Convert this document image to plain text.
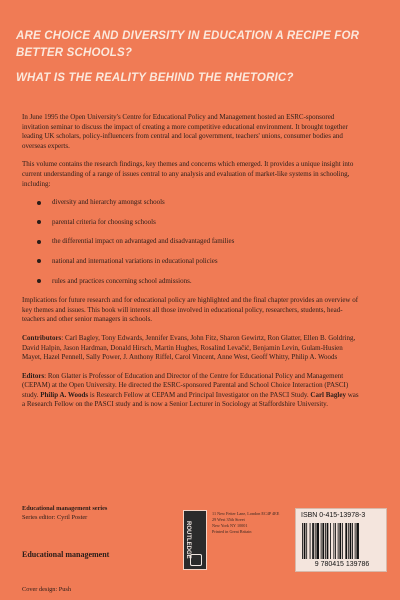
ARE CHOICE AND DIVERSITY IN EDUCATION A RECIPE FOR BETTER SCHOOLS?

WHAT IS THE REALITY BEHIND THE RHETORIC?

In June 1995 the Open University's Centre for Educational Policy and Management hosted an ESRC-sponsored invitation seminar to discuss the impact of creating a more competitive educational environment. It brought together leading UK scholars, policy-influencers from central and local government, teachers' unions, consumer bodies and overseas experts.

This volume contains the research findings, key themes and concerns which emerged. It provides a unique insight into current understanding of a range of issues central to any analysis and evaluation of market-like systems in schooling, including:

diversity and hierarchy amongst schools
parental criteria for choosing schools
the differential impact on advantaged and disadvantaged families
national and international variations in educational policies
rules and practices concerning school admissions.

Implications for future research and for educational policy are highlighted and the final chapter provides an overview of key themes and issues. This book will interest all those involved in educational policy, researchers, students, head-teachers and other senior managers in schools.

Contributors: Carl Bagley, Tony Edwards, Jennifer Evans, John Fitz, Sharon Gewirtz, Ron Glatter, Ellen B. Goldring, David Halpin, Jason Hardman, Donald Hirsch, Martin Hughes, Rosalind Levačić, Benjamin Levin, Gulam-Husien Mayet, Hazel Pennell, Sally Power, J. Anthony Riffel, Carol Vincent, Anne West, Geoff Whitty, Philip A. Woods

Editors: Ron Glatter is Professor of Education and Director of the Centre for Educational Policy and Management (CEPAM) at the Open University. He directed the ESRC-sponsored Parental and School Choice Interaction (PASCI) study. Philip A. Woods is Research Fellow at CEPAM and Principal Investigator on the PASCI Study. Carl Bagley was a Research Fellow on the PASCI study and is now a Senior Lecturer in Sociology at Staffordshire University.

Educational management series
Series editor: Cyril Poster
Educational management
Cover design: Push
ROUTLEDGE
11 New Fetter Lane, London EC4P 4EE
29 West 35th Street
New York NY 10001
Printed in Great Britain
ISBN 0-415-13978-3
9 780415 139786
